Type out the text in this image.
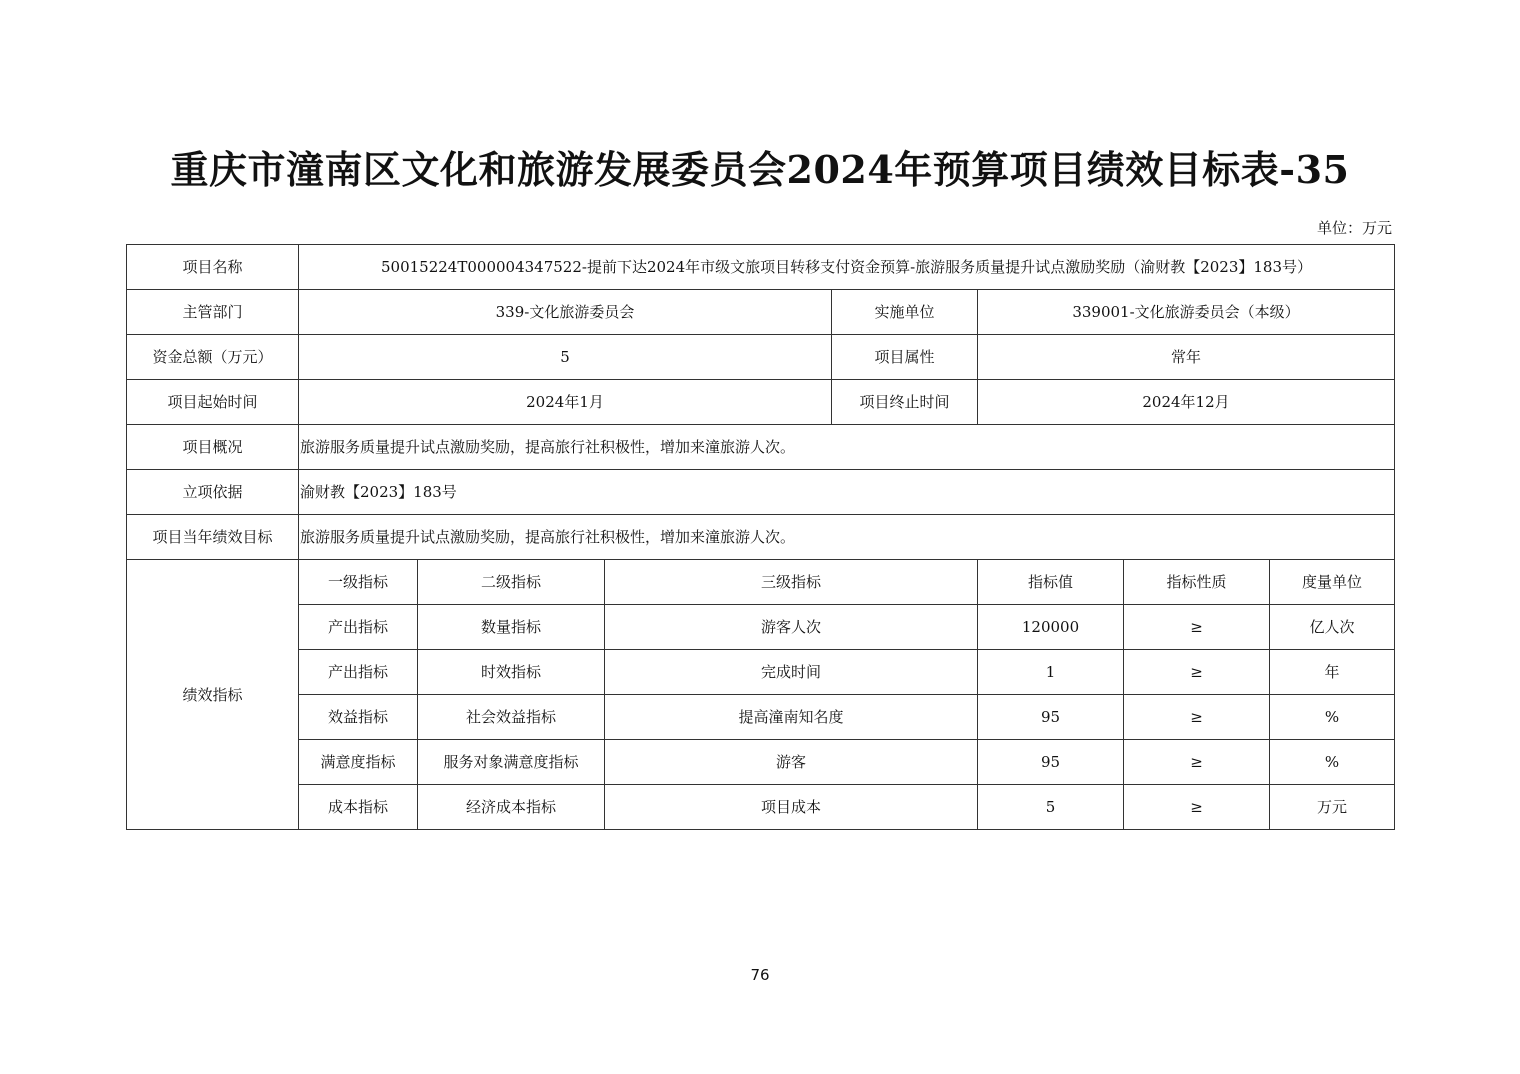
重庆市潼南区文化和旅游发展委员会2024年预算项目绩效目标表-35
单位：万元
项目名称	50015224T000004347522-提前下达2024年市级文旅项目转移支付资金预算-旅游服务质量提升试点激励奖励（渝财教【2023】183号）							
主管部门	339-文化旅游委员会			实施单位	339001-文化旅游委员会（本级）			
资金总额（万元）	5			项目属性	常年			
项目起始时间	2024年1月			项目终止时间	2024年12月			
项目概况	旅游服务质量提升试点激励奖励，提高旅行社积极性，增加来潼旅游人次。							
立项依据	渝财教【2023】183号							
项目当年绩效目标	旅游服务质量提升试点激励奖励，提高旅行社积极性，增加来潼旅游人次。							
绩效指标	一级指标	二级指标	三级指标		指标值	指标性质	度量单位	
	产出指标	数量指标	游客人次		120000	≥	亿人次	
	产出指标	时效指标	完成时间		1	≥	年	
	效益指标	社会效益指标	提高潼南知名度		95	≥	%	
	满意度指标	服务对象满意度指标	游客		95	≥	%	
	成本指标	经济成本指标	项目成本		5	≥	万元	
76
